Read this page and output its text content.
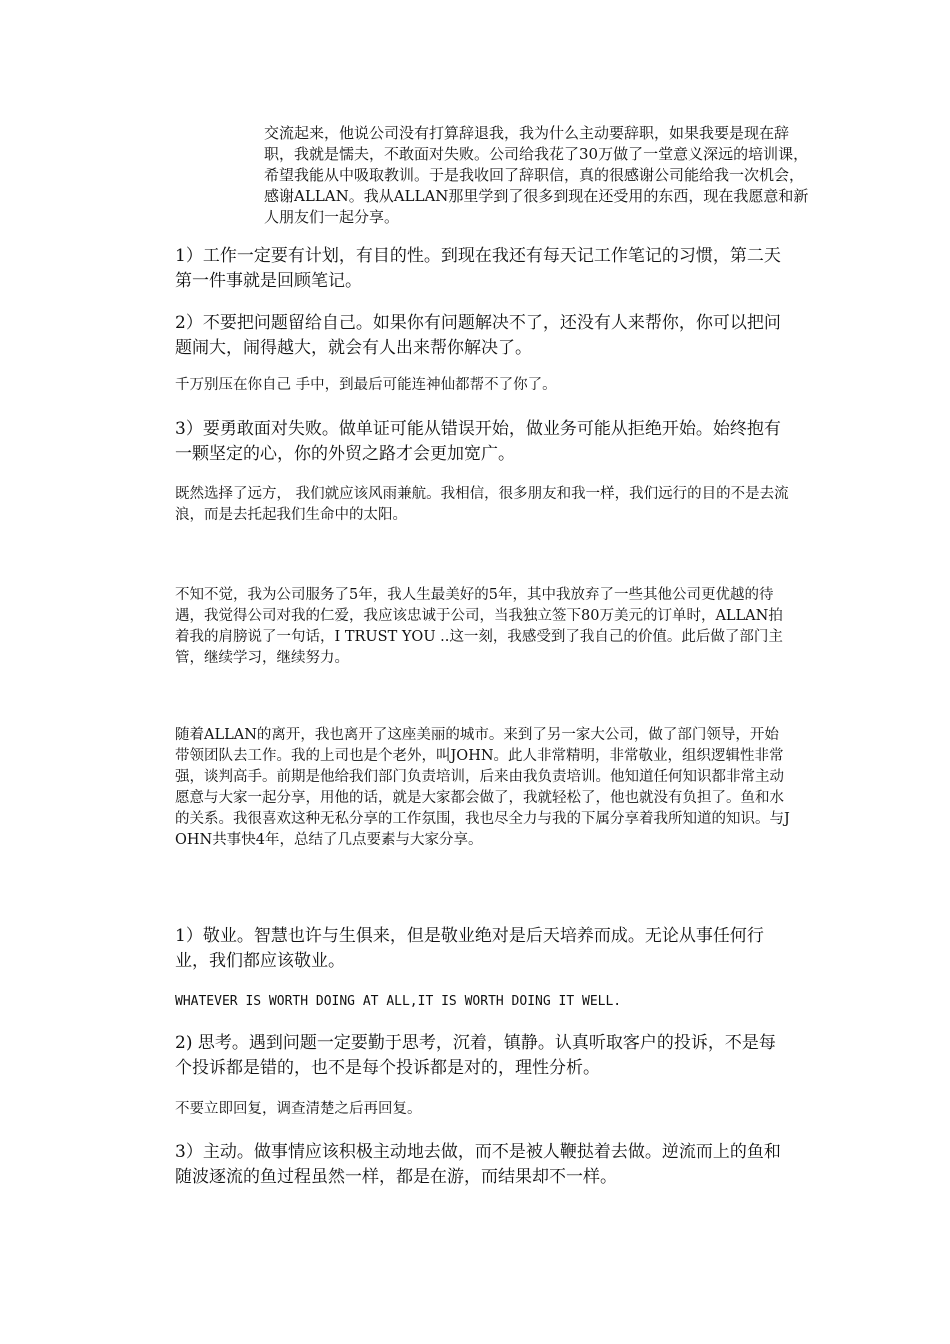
交流起来，他说公司没有打算辞退我，我为什么主动要辞职，如果我要是现在辞职，我就是懦夫，不敢面对失败。公司给我花了30万做了一堂意义深远的培训课，希望我能从中吸取教训。于是我收回了辞职信，真的很感谢公司能给我一次机会，感谢ALLAN。我从ALLAN那里学到了很多到现在还受用的东西，现在我愿意和新人朋友们一起分享。

1）工作一定要有计划，有目的性。到现在我还有每天记工作笔记的习惯，第二天第一件事就是回顾笔记。

2）不要把问题留给自己。如果你有问题解决不了，还没有人来帮你，你可以把问题闹大，闹得越大，就会有人出来帮你解决了。

千万别压在你自己 手中，到最后可能连神仙都帮不了你了。

3）要勇敢面对失败。做单证可能从错误开始，做业务可能从拒绝开始。始终抱有一颗坚定的心，你的外贸之路才会更加宽广。

既然选择了远方， 我们就应该风雨兼航。我相信，很多朋友和我一样，我们远行的目的不是去流浪，而是去托起我们生命中的太阳。

不知不觉，我为公司服务了5年，我人生最美好的5年，其中我放弃了一些其他公司更优越的待遇，我觉得公司对我的仁爱，我应该忠诚于公司，当我独立签下80万美元的订单时，ALLAN拍着我的肩膀说了一句话，I TRUST YOU ..这一刻，我感受到了我自己的价值。此后做了部门主管，继续学习，继续努力。

随着ALLAN的离开，我也离开了这座美丽的城市。来到了另一家大公司，做了部门领导，开始带领团队去工作。我的上司也是个老外，叫JOHN。此人非常精明，非常敬业，组织逻辑性非常强，谈判高手。前期是他给我们部门负责培训，后来由我负责培训。他知道任何知识都非常主动愿意与大家一起分享，用他的话，就是大家都会做了，我就轻松了，他也就没有负担了。鱼和水的关系。我很喜欢这种无私分享的工作氛围，我也尽全力与我的下属分享着我所知道的知识。与JOHN共事快4年，总结了几点要素与大家分享。

1）敬业。智慧也许与生俱来，但是敬业绝对是后天培养而成。无论从事任何行业，我们都应该敬业。

WHATEVER IS WORTH DOING AT ALL,IT IS WORTH DOING IT WELL.

2) 思考。遇到问题一定要勤于思考，沉着，镇静。认真听取客户的投诉，不是每个投诉都是错的，也不是每个投诉都是对的，理性分析。

不要立即回复，调查清楚之后再回复。

3）主动。做事情应该积极主动地去做，而不是被人鞭挞着去做。逆流而上的鱼和随波逐流的鱼过程虽然一样，都是在游，而结果却不一样。
